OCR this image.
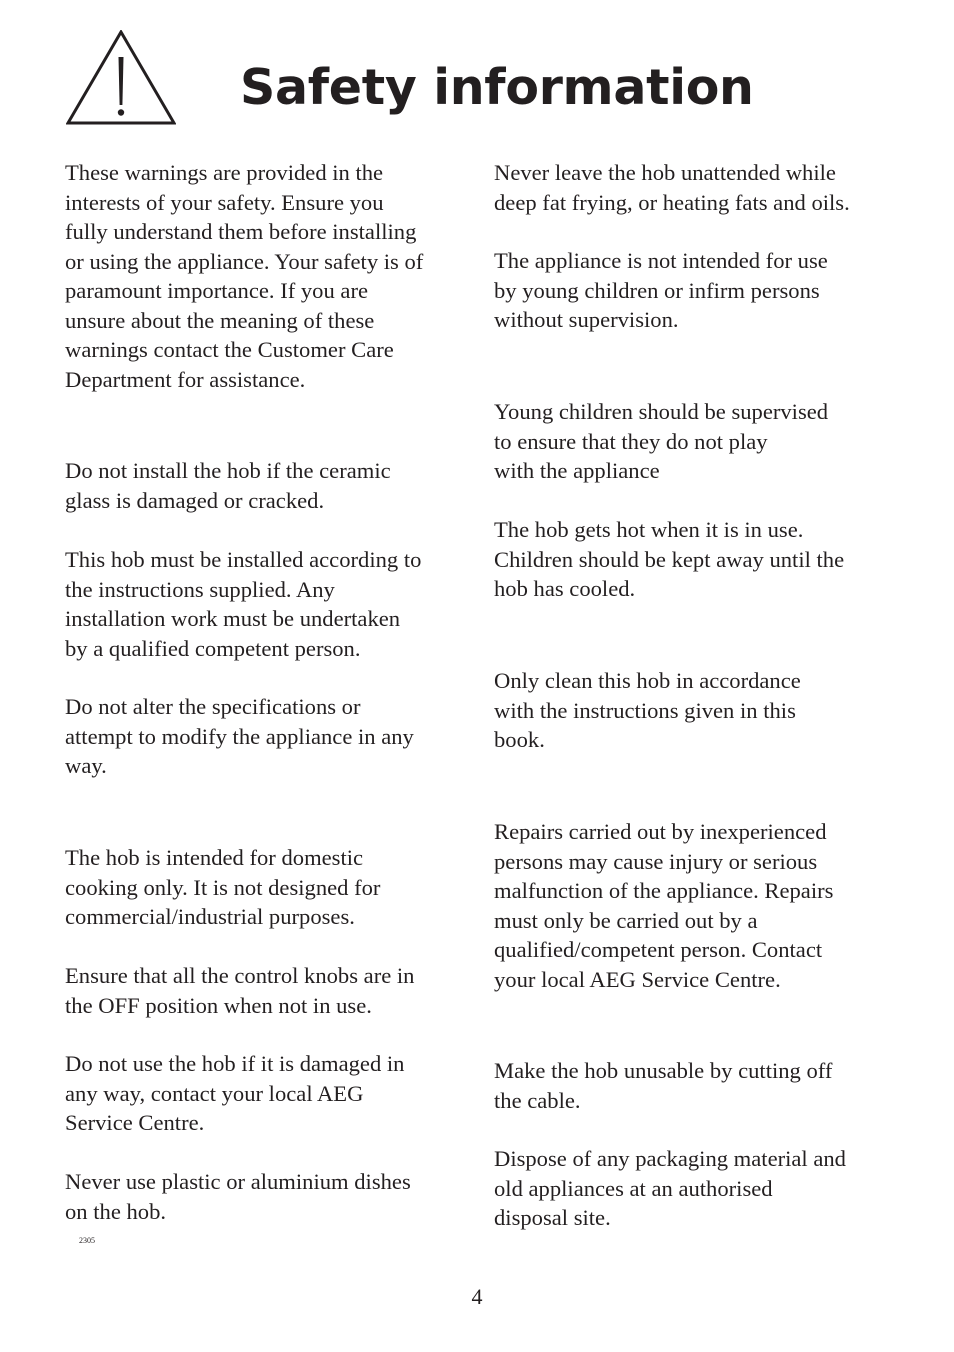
Safety information

These warnings are provided in the
interests of your safety. Ensure you
fully understand them before installing
or using the appliance. Your safety is of
paramount importance. If you are
unsure about the meaning of these
warnings contact the Customer Care
Department for assistance.

Do not install the hob if the ceramic
glass is damaged or cracked.

This hob must be installed according to
the instructions supplied. Any
installation work must be undertaken
by a qualified competent person.

Do not alter the specifications or
attempt to modify the appliance in any
way.

The hob is intended for domestic
cooking only. It is not designed for
commercial/industrial purposes.

Ensure that all the control knobs are in
the OFF position when not in use.

Do not use the hob if it is damaged in
any way, contact your local AEG
Service Centre.

Never use plastic or aluminium dishes
on the hob.

Never leave the hob unattended while
deep fat frying, or heating fats and oils.

The appliance is not intended for use
by young children or infirm persons
without supervision.

Young children should be supervised
to ensure that they do not play
with the appliance

The hob gets hot when it is in use.
Children should be kept away until the
hob has cooled.

Only clean this hob in accordance
with the instructions given in this
book.

Repairs carried out by inexperienced
persons may cause injury or serious
malfunction of the appliance. Repairs
must only be carried out by a
qualified/competent person. Contact
your local AEG Service Centre.

Make the hob unusable by cutting off
the cable.

Dispose of any packaging material and
old appliances at an authorised
disposal site.

2305

4
